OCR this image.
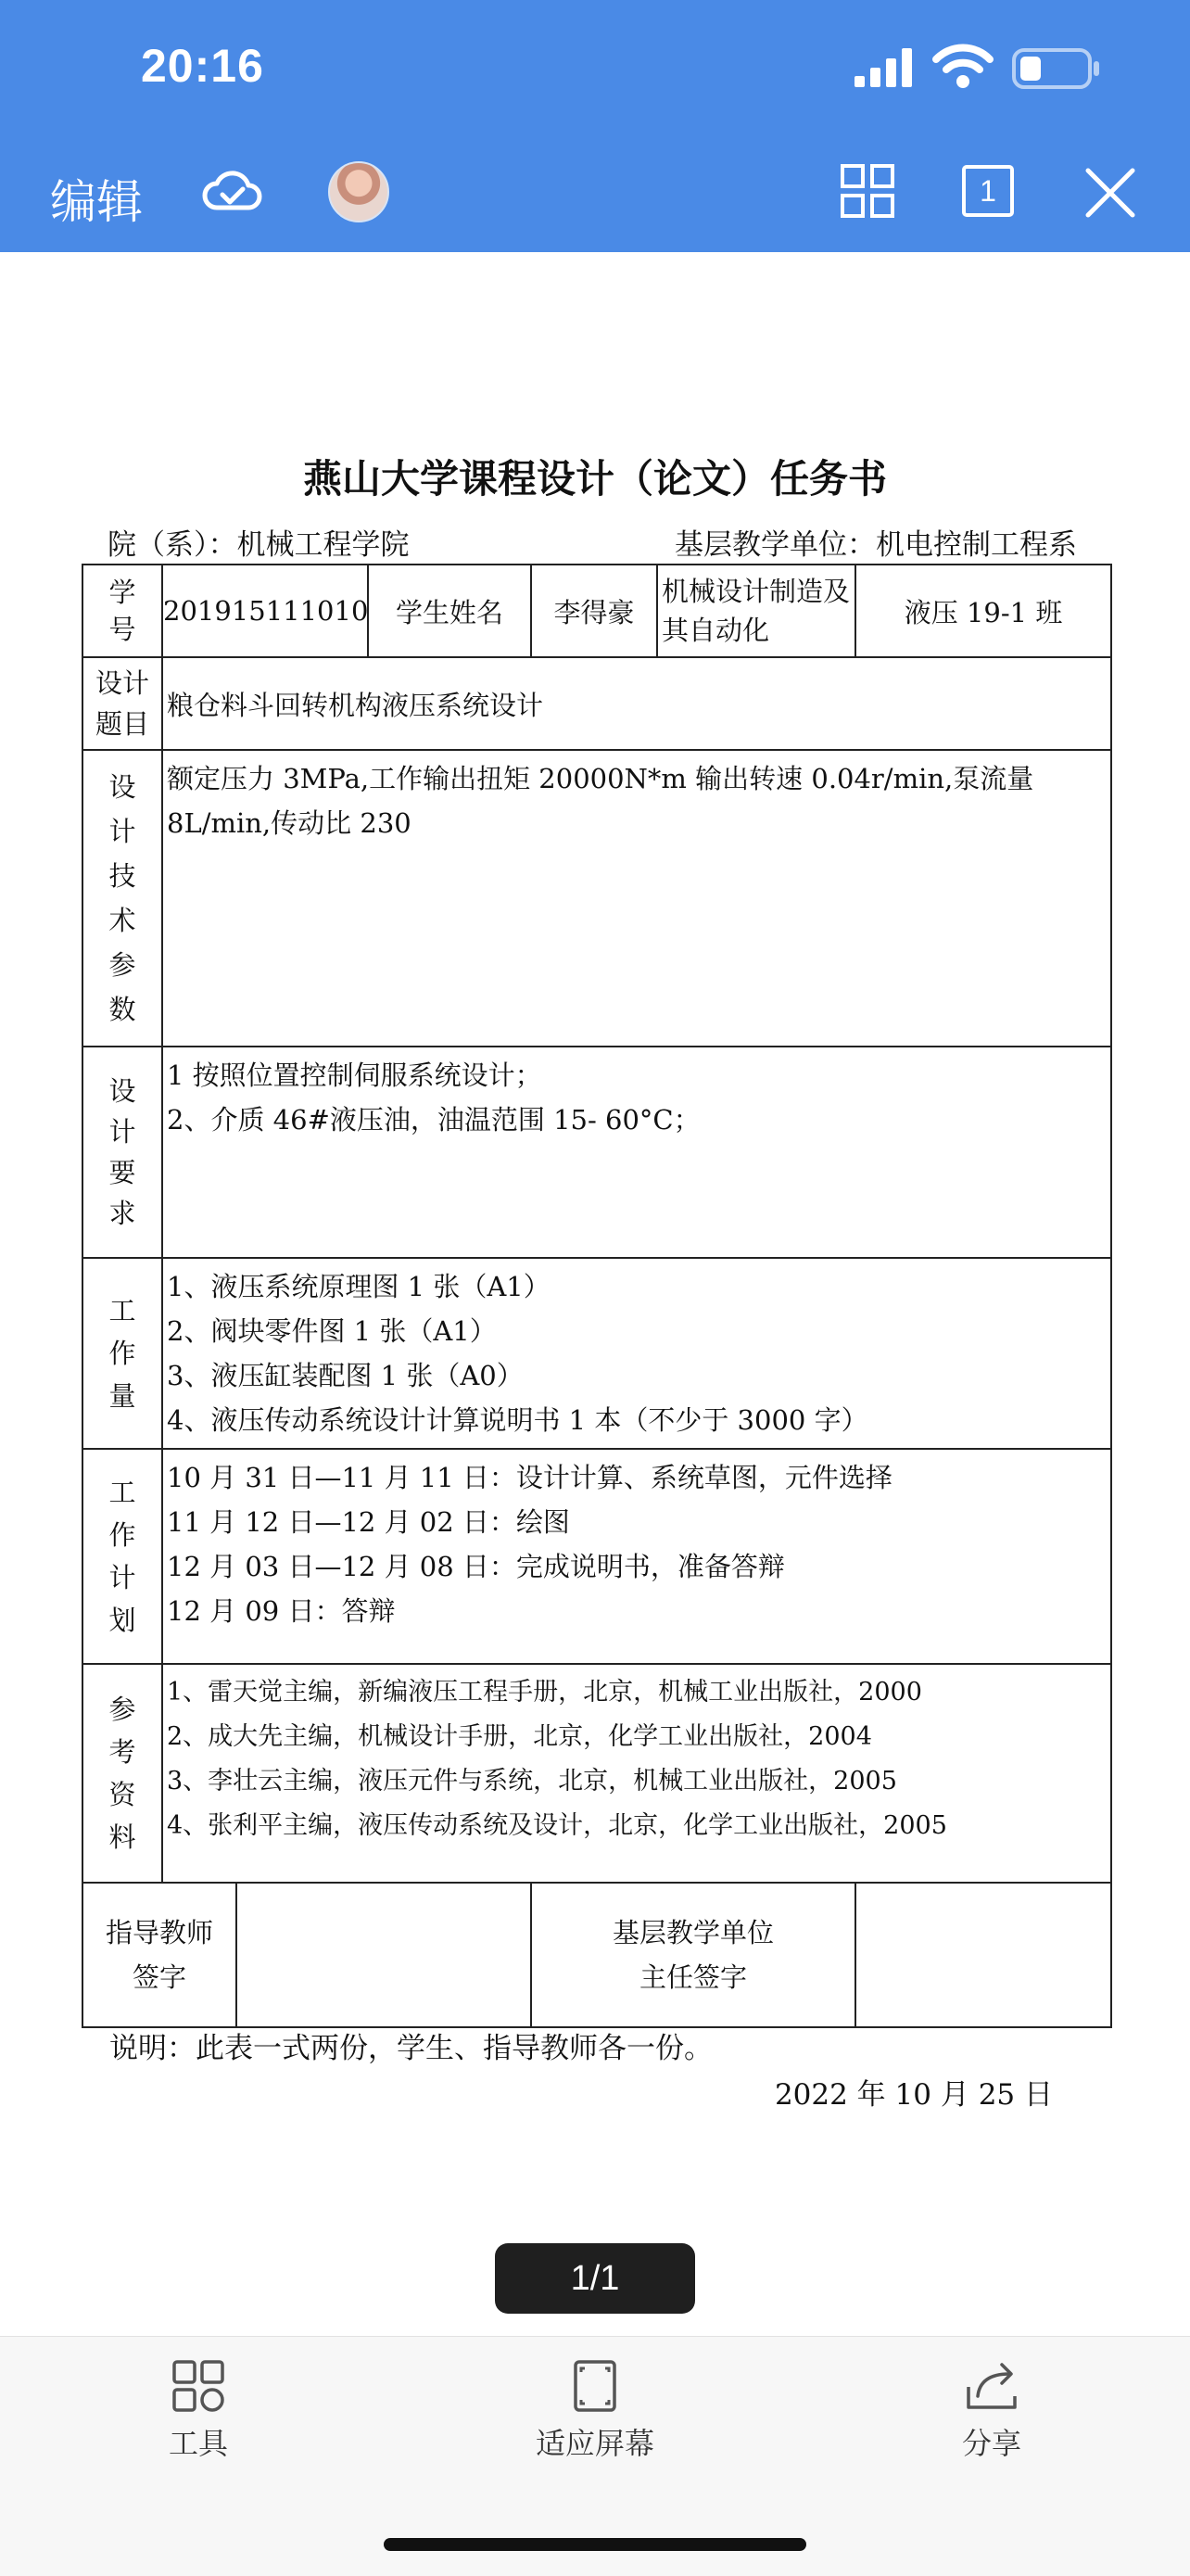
20:16
编辑	1
燕山大学课程设计（论文）任务书
院（系）：机械工程学院	基层教学单位：机电控制工程系
学号	201915111010		学生姓名	李得豪	机械设计制造及其自动化	液压 19-1 班

设计题目	粮仓料斗回转机构液压系统设计					

设计技术参数	额定压力 3MPa,工作输出扭矩 20000N*m 输出转速 0.04r/min,泵流量 8L/min,传动比 230					

设计要求	1 按照位置控制伺服系统设计；
2、介质 46#液压油，油温范围 15- 60°C；					

工作量	1、液压系统原理图 1 张（A1）
2、阀块零件图 1 张（A1）
3、液压缸装配图 1 张（A0）
4、液压传动系统设计计算说明书 1 本（不少于 3000 字）					

工作计划	10 月 31 日—11 月 11 日：设计计算、系统草图，元件选择
11 月 12 日—12 月 02 日：绘图
12 月 03 日—12 月 08 日：完成说明书，准备答辩
12 月 09 日：答辩					

参考资料	1、雷天觉主编，新编液压工程手册，北京，机械工业出版社，2000
2、成大先主编，机械设计手册，北京，化学工业出版社，2004
3、李壮云主编，液压元件与系统，北京，机械工业出版社，2005
4、张利平主编，液压传动系统及设计，北京，化学工业出版社，2005					

指导教师签字				基层教学单位主任签字		

说明：此表一式两份，学生、指导教师各一份。
2022 年 10 月 25 日
1/1
工具	适应屏幕	分享
